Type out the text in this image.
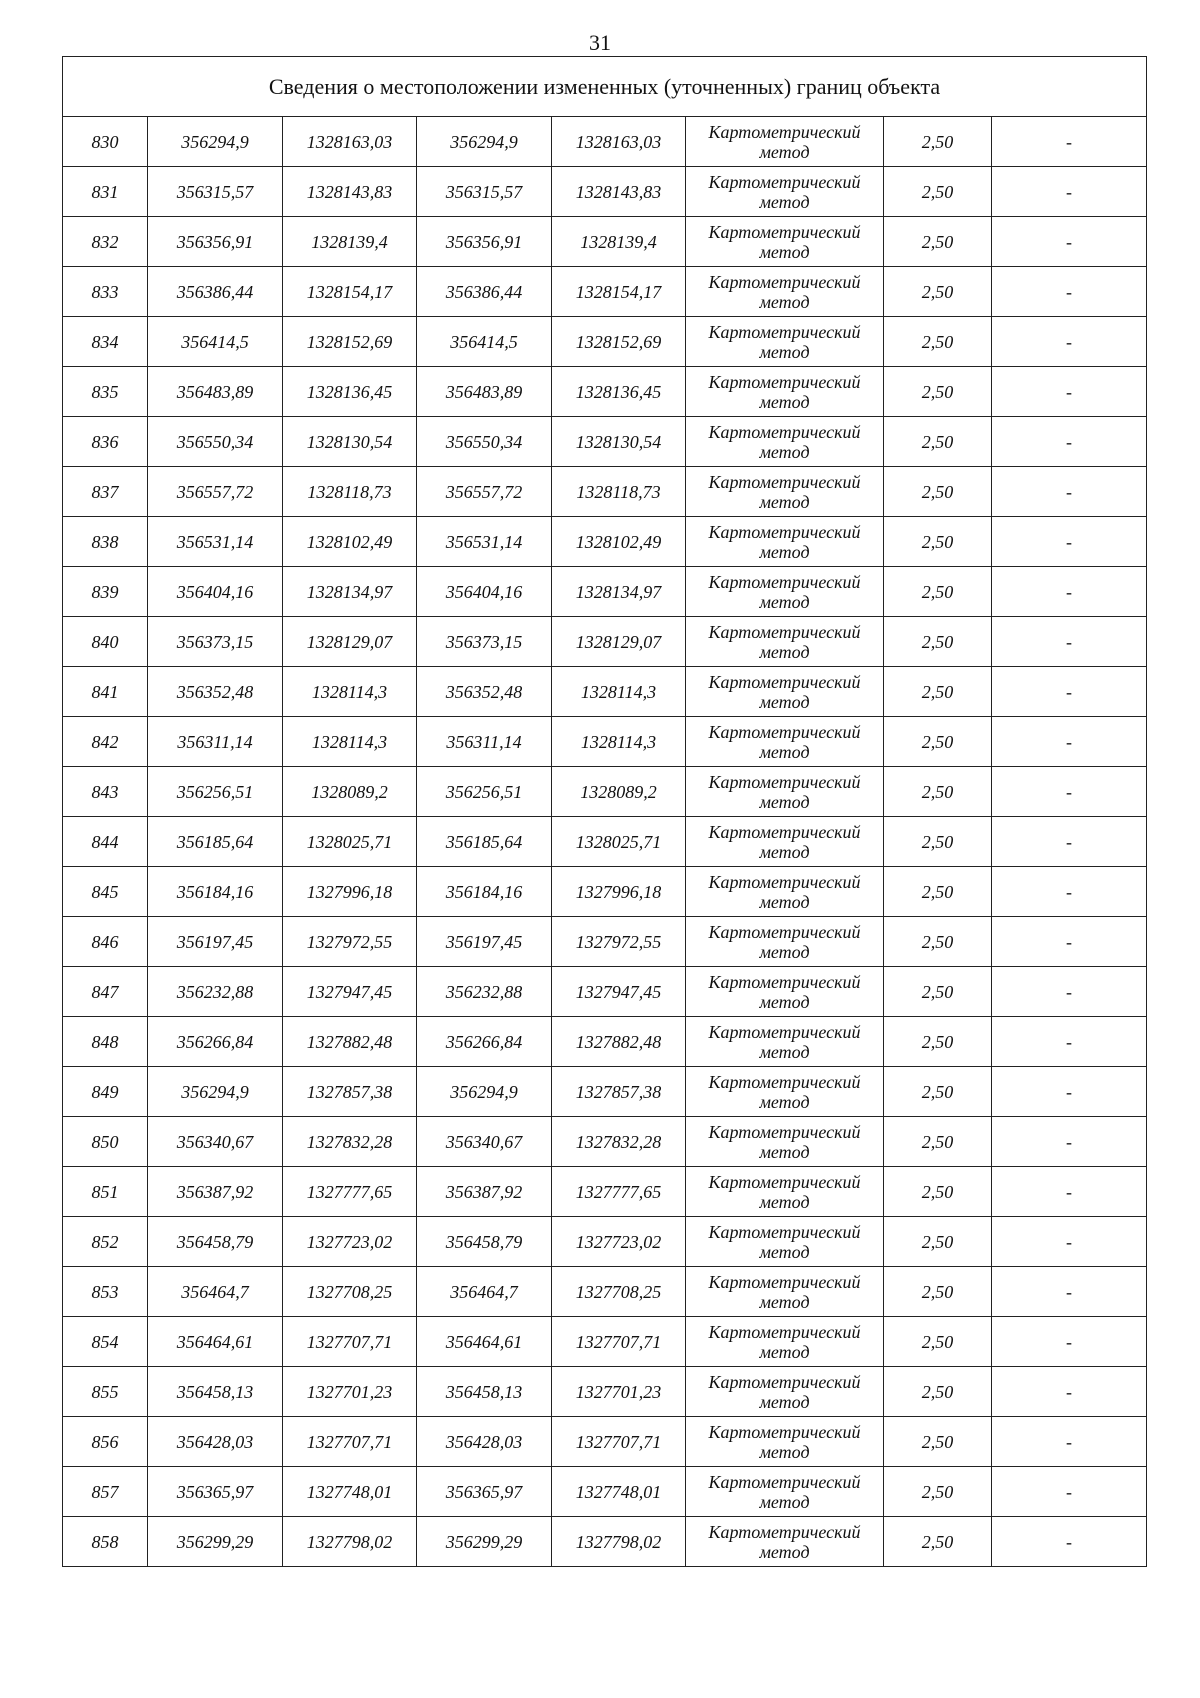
31
Сведения о местоположении измененных (уточненных) границ объекта							
830	356294,9	1328163,03	356294,9	1328163,03	Картометрический
метод	2,50	-
831	356315,57	1328143,83	356315,57	1328143,83	Картометрический
метод	2,50	-
832	356356,91	1328139,4	356356,91	1328139,4	Картометрический
метод	2,50	-
833	356386,44	1328154,17	356386,44	1328154,17	Картометрический
метод	2,50	-
834	356414,5	1328152,69	356414,5	1328152,69	Картометрический
метод	2,50	-
835	356483,89	1328136,45	356483,89	1328136,45	Картометрический
метод	2,50	-
836	356550,34	1328130,54	356550,34	1328130,54	Картометрический
метод	2,50	-
837	356557,72	1328118,73	356557,72	1328118,73	Картометрический
метод	2,50	-
838	356531,14	1328102,49	356531,14	1328102,49	Картометрический
метод	2,50	-
839	356404,16	1328134,97	356404,16	1328134,97	Картометрический
метод	2,50	-
840	356373,15	1328129,07	356373,15	1328129,07	Картометрический
метод	2,50	-
841	356352,48	1328114,3	356352,48	1328114,3	Картометрический
метод	2,50	-
842	356311,14	1328114,3	356311,14	1328114,3	Картометрический
метод	2,50	-
843	356256,51	1328089,2	356256,51	1328089,2	Картометрический
метод	2,50	-
844	356185,64	1328025,71	356185,64	1328025,71	Картометрический
метод	2,50	-
845	356184,16	1327996,18	356184,16	1327996,18	Картометрический
метод	2,50	-
846	356197,45	1327972,55	356197,45	1327972,55	Картометрический
метод	2,50	-
847	356232,88	1327947,45	356232,88	1327947,45	Картометрический
метод	2,50	-
848	356266,84	1327882,48	356266,84	1327882,48	Картометрический
метод	2,50	-
849	356294,9	1327857,38	356294,9	1327857,38	Картометрический
метод	2,50	-
850	356340,67	1327832,28	356340,67	1327832,28	Картометрический
метод	2,50	-
851	356387,92	1327777,65	356387,92	1327777,65	Картометрический
метод	2,50	-
852	356458,79	1327723,02	356458,79	1327723,02	Картометрический
метод	2,50	-
853	356464,7	1327708,25	356464,7	1327708,25	Картометрический
метод	2,50	-
854	356464,61	1327707,71	356464,61	1327707,71	Картометрический
метод	2,50	-
855	356458,13	1327701,23	356458,13	1327701,23	Картометрический
метод	2,50	-
856	356428,03	1327707,71	356428,03	1327707,71	Картометрический
метод	2,50	-
857	356365,97	1327748,01	356365,97	1327748,01	Картометрический
метод	2,50	-
858	356299,29	1327798,02	356299,29	1327798,02	Картометрический
метод	2,50	-
